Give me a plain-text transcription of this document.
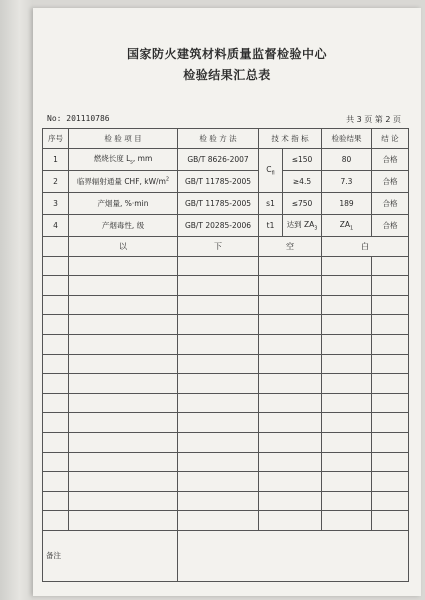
国家防火建筑材料质量监督检验中心
检验结果汇总表
No: 201110786	共 3 页 第 2 页
序号	检 验 项 目	检 验 方 法	技 术 指 标		检验结果	结 论
1	燃烧长度 $L_s$, mm	GB/T 8626-2007	$C_{fl}$	≤150	80	合格
2	临界辐射通量 CHF, $kW/m^2$	GB/T 11785-2005		≥4.5	7.3	合格
3	产烟量, %·min	GB/T 11785-2005	s1	≤750	189	合格
4	产烟毒性, 级	GB/T 20285-2006	t1	达到 $ZA_3$	$ZA_1$	合格
	以	下	空		白	

备注						
